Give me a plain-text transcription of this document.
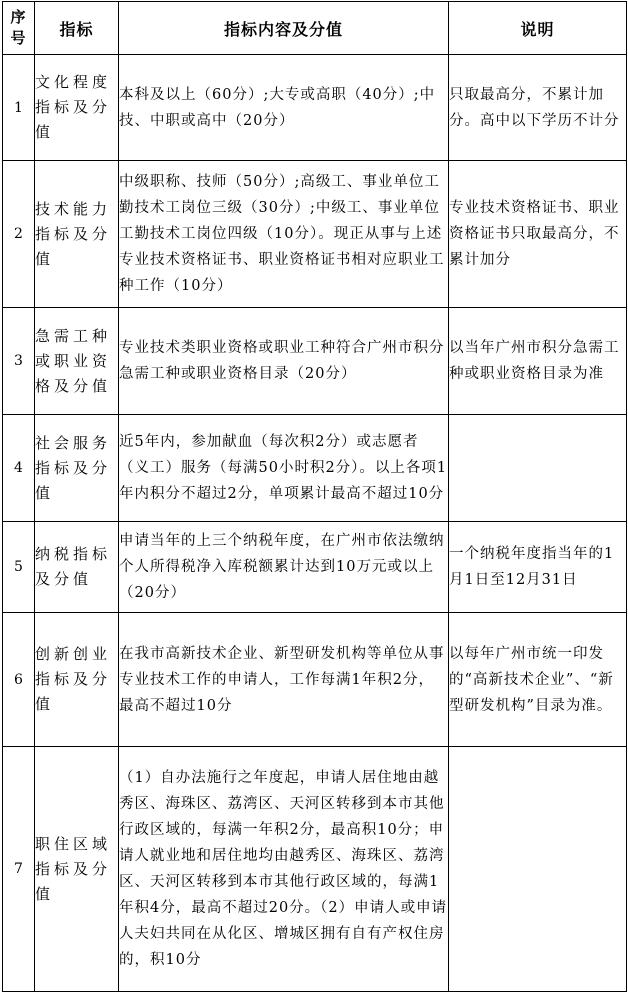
序号	指标	指标内容及分值	说明
1	文化程度指标及分值	本科及以上（60分）;大专或高职（40分）;中技、中职或高中（20分）	只取最高分，不累计加分。高中以下学历不计分

2	技术能力指标及分值	中级职称、技师（50分）;高级工、事业单位工勤技术工岗位三级（30分）;中级工、事业单位工勤技术工岗位四级（10分）。现正从事与上述专业技术资格证书、职业资格证书相对应职业工种工作（10分）	专业技术资格证书、职业资格证书只取最高分，不累计加分

3	急需工种或职业资格及分值	专业技术类职业资格或职业工种符合广州市积分急需工种或职业资格目录（20分）	以当年广州市积分急需工种或职业资格目录为准

4	社会服务指标及分值	近5年内，参加献血（每次积2分）或志愿者（义工）服务（每满50小时积2分）。以上各项1年内积分不超过2分，单项累计最高不超过10分	

5	纳税指标及分值	申请当年的上三个纳税年度，在广州市依法缴纳个人所得税净入库税额累计达到10万元或以上（20分）	一个纳税年度指当年的1月1日至12月31日

6	创新创业指标及分值	在我市高新技术企业、新型研发机构等单位从事专业技术工作的申请人，工作每满1年积2分，最高不超过10分	以每年广州市统一印发的“高新技术企业”、“新型研发机构”目录为准。

7	职住区域指标及分值	（1）自办法施行之年度起，申请人居住地由越秀区、海珠区、荔湾区、天河区转移到本市其他行政区域的，每满一年积2分，最高积10分；申请人就业地和居住地均由越秀区、海珠区、荔湾区、天河区转移到本市其他行政区域的，每满1年积4分，最高不超过20分。（2）申请人或申请人夫妇共同在从化区、增城区拥有自有产权住房的，积10分	
